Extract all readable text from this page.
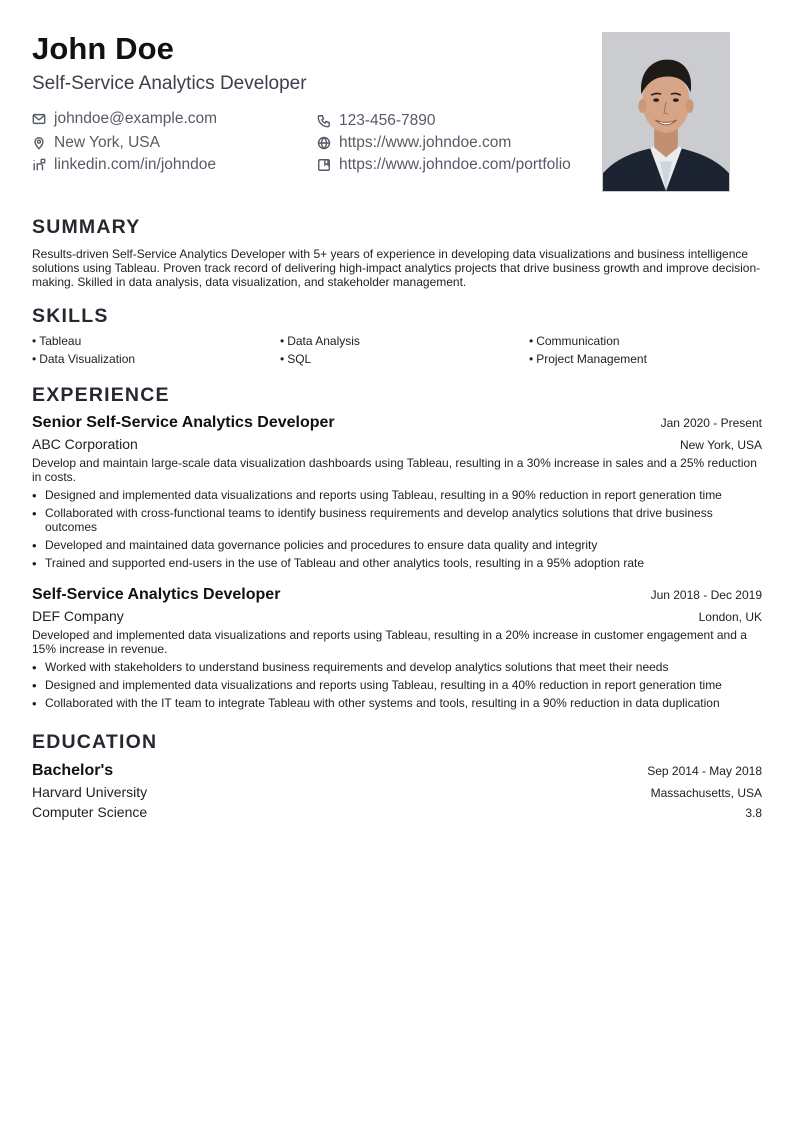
John Doe
Self-Service Analytics Developer
johndoe@example.com
New York, USA
linkedin.com/in/johndoe
123-456-7890
https://www.johndoe.com
https://www.johndoe.com/portfolio
SUMMARY
Results-driven Self-Service Analytics Developer with 5+ years of experience in developing data visualizations and business intelligence solutions using Tableau. Proven track record of delivering high-impact analytics projects that drive business growth and improve decision-making. Skilled in data analysis, data visualization, and stakeholder management.
SKILLS
• Tableau	• Data Analysis	• Communication
• Data Visualization	• SQL	• Project Management
EXPERIENCE
Senior Self-Service Analytics Developer	Jan 2020 - Present
ABC Corporation	New York, USA
Develop and maintain large-scale data visualization dashboards using Tableau, resulting in a 30% increase in sales and a 25% reduction in costs.
• Designed and implemented data visualizations and reports using Tableau, resulting in a 90% reduction in report generation time
• Collaborated with cross-functional teams to identify business requirements and develop analytics solutions that drive business outcomes
• Developed and maintained data governance policies and procedures to ensure data quality and integrity
• Trained and supported end-users in the use of Tableau and other analytics tools, resulting in a 95% adoption rate
Self-Service Analytics Developer	Jun 2018 - Dec 2019
DEF Company	London, UK
Developed and implemented data visualizations and reports using Tableau, resulting in a 20% increase in customer engagement and a 15% increase in revenue.
• Worked with stakeholders to understand business requirements and develop analytics solutions that meet their needs
• Designed and implemented data visualizations and reports using Tableau, resulting in a 40% reduction in report generation time
• Collaborated with the IT team to integrate Tableau with other systems and tools, resulting in a 90% reduction in data duplication
EDUCATION
Bachelor's	Sep 2014 - May 2018
Harvard University	Massachusetts, USA
Computer Science	3.8
